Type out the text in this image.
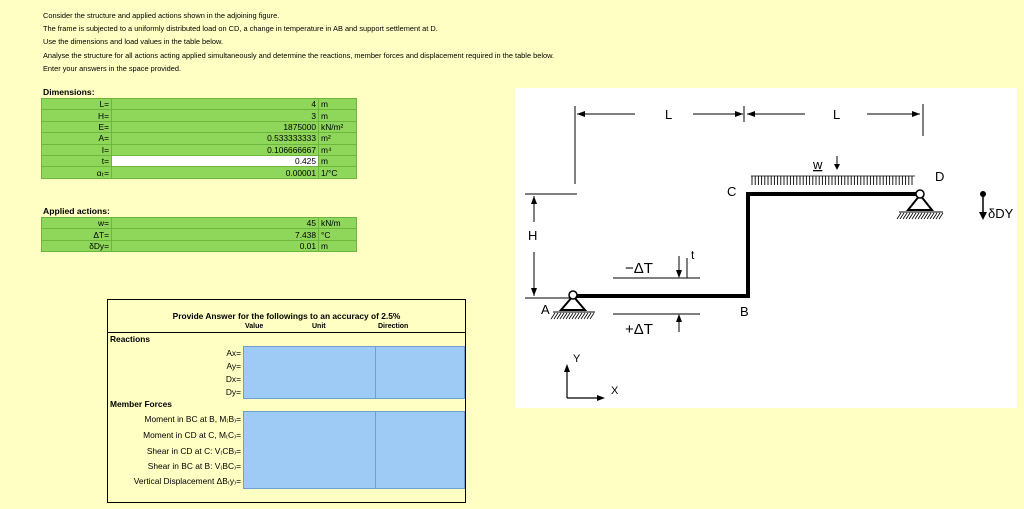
Consider the structure and applied actions shown in the adjoining figure.
The frame is subjected to a uniformly distributed load on CD, a change in temperature in AB and support settlement at D.
Use the dimensions and load values in the table below.
Analyse the structure for all actions acting applied simultaneously and determine the reactions, member forces and displacement required in the table below.
Enter your answers in the space provided.
Dimensions:
L=	4	m
H=	3	m
E=	1875000	kN/m²
A=	0.533333333	m²
I=	0.106666667	m⁴
t=	0.425	m
αₜ=	0.00001	1/°C
Applied actions:
w=	45	kN/m
ΔT=	7.438	°C
δDy=	0.01	m
Provide Answer for the followings to an accuracy of 2.5%
Value	Unit	Direction
Reactions
Ax=
Ay=
Dx=
Dy=
Member Forces
Moment in BC at B, M₍B₎=
Moment in CD at C, M₍C₎=
Shear in CD at C: V₍CB₎=
Shear in BC at B: V₍BC₎=
Vertical Displacement ΔB₍y₎=
L	L
H
w
C
B
D
A
δDY
−ΔT
t
+ΔT
Y
X
